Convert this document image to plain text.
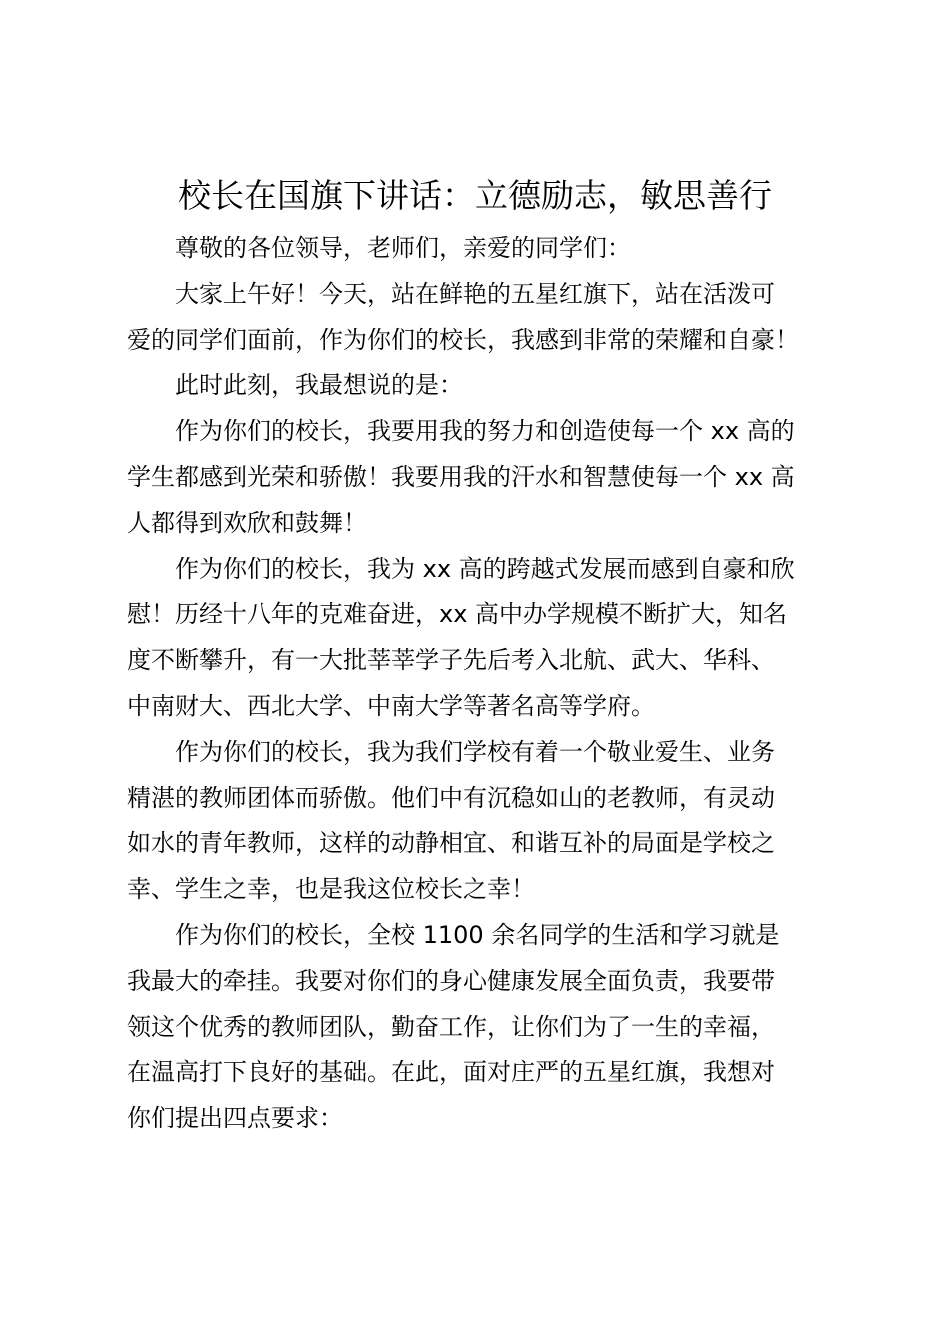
校长在国旗下讲话：立德励志，敏思善行

尊敬的各位领导，老师们，亲爱的同学们：

大家上午好！今天，站在鲜艳的五星红旗下，站在活泼可
爱的同学们面前，作为你们的校长，我感到非常的荣耀和自豪！

此时此刻，我最想说的是：

作为你们的校长，我要用我的努力和创造使每一个 xx 高的
学生都感到光荣和骄傲！我要用我的汗水和智慧使每一个 xx 高
人都得到欢欣和鼓舞！

作为你们的校长，我为 xx 高的跨越式发展而感到自豪和欣
慰！历经十八年的克难奋进，xx 高中办学规模不断扩大，知名
度不断攀升，有一大批莘莘学子先后考入北航、武大、华科、
中南财大、西北大学、中南大学等著名高等学府。

作为你们的校长，我为我们学校有着一个敬业爱生、业务
精湛的教师团体而骄傲。他们中有沉稳如山的老教师，有灵动
如水的青年教师，这样的动静相宜、和谐互补的局面是学校之
幸、学生之幸，也是我这位校长之幸！

作为你们的校长，全校 1100 余名同学的生活和学习就是
我最大的牵挂。我要对你们的身心健康发展全面负责，我要带
领这个优秀的教师团队，勤奋工作，让你们为了一生的幸福，
在温高打下良好的基础。在此，面对庄严的五星红旗，我想对
你们提出四点要求：
